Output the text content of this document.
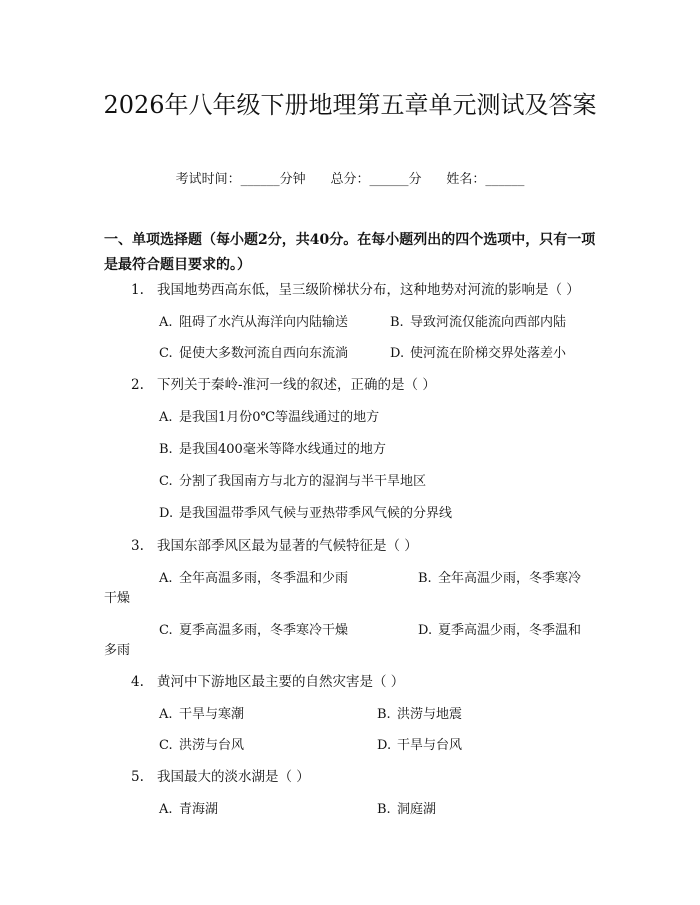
2026年八年级下册地理第五章单元测试及答案
考试时间：______分钟 总分：______分 姓名：______
一、单项选择题（每小题2分，共40分。在每小题列出的四个选项中，只有一项是最符合题目要求的。）
1. 我国地势西高东低，呈三级阶梯状分布，这种地势对河流的影响是（ ）
A. 阻碍了水汽从海洋向内陆输送	B. 导致河流仅能流向西部内陆
C. 促使大多数河流自西向东流淌	D. 使河流在阶梯交界处落差小
2. 下列关于秦岭-淮河一线的叙述，正确的是（ ）
A. 是我国1月份0℃等温线通过的地方
B. 是我国400毫米等降水线通过的地方
C. 分割了我国南方与北方的湿润与半干旱地区
D. 是我国温带季风气候与亚热带季风气候的分界线
3. 我国东部季风区最为显著的气候特征是（ ）
A. 全年高温多雨，冬季温和少雨	B. 全年高温少雨，冬季寒冷
干燥
C. 夏季高温多雨，冬季寒冷干燥	D. 夏季高温少雨，冬季温和
多雨
4. 黄河中下游地区最主要的自然灾害是（ ）
A. 干旱与寒潮	B. 洪涝与地震
C. 洪涝与台风	D. 干旱与台风
5. 我国最大的淡水湖是（ ）
A. 青海湖	B. 洞庭湖
